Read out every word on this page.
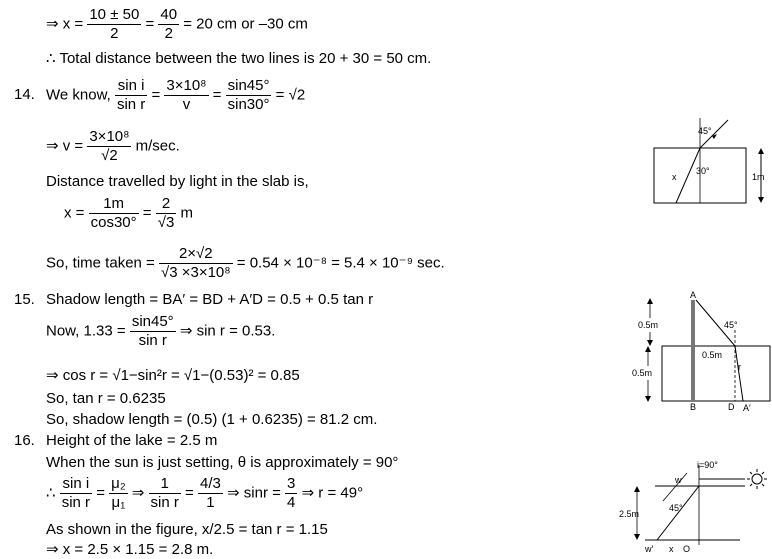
⇒ $x = \frac{10 \pm 50}{2} = \frac{40}{2} = 20$ cm or –30 cm
∴ Total distance between the two lines is 20 + 30 = 50 cm.
14. We know, $\frac{\text{sin i}}{\text{sin r}} = \frac{\text{3×10⁸}}{v} = \frac{\sin 45^\circ}{\sin 30^\circ} = √2$
⇒ $v = \frac{\text{3×10⁸}}{√2} m/\sec$.
Distance travelled by light in the slab is,
$x = \frac{1m}{\cos 30^\circ} = \frac{2}{√3}$ m
So, time taken = $\frac{2\times√2}{\text{√3 ×3×10⁸}} = 0.54 \times 10^{-8} = 5.4 \times 10^{-9}$ sec.
15. Shadow length = BA′ = BD + A′D = 0.5 + 0.5 tan r
Now, $1.33 = \frac{\sin 45^\circ}{\text{sin r}}$ ⇒ sin r = 0.53.
⇒ cos r = √1−sin²r = √1−(0.53)² = 0.85
So, tan r = 0.6235
So, shadow length = (0.5) (1 + 0.6235) = 81.2 cm.
16. Height of the lake = 2.5 m
When the sun is just setting, θ is approximately = 90°
∴ $\frac{\text{sin i}}{\text{sin r}} = \frac{\text{μ₂}}{\text{μ₁}}$ ⇒ $\frac{1}{\text{sin r}} = \frac{4/3}{1}$ ⇒ $\sin r = \frac{3}{4}$ ⇒ r = 49°
As shown in the figure, x/2.5 = tan r = 1.15
⇒ x = 2.5 × 1.15 = 2.8 m.
45°
30°
x	1m
A
B	D A′
45°
r
0.5m
0.5m
0.5m
i=90°
w
2.5m
45°
w′ x O
